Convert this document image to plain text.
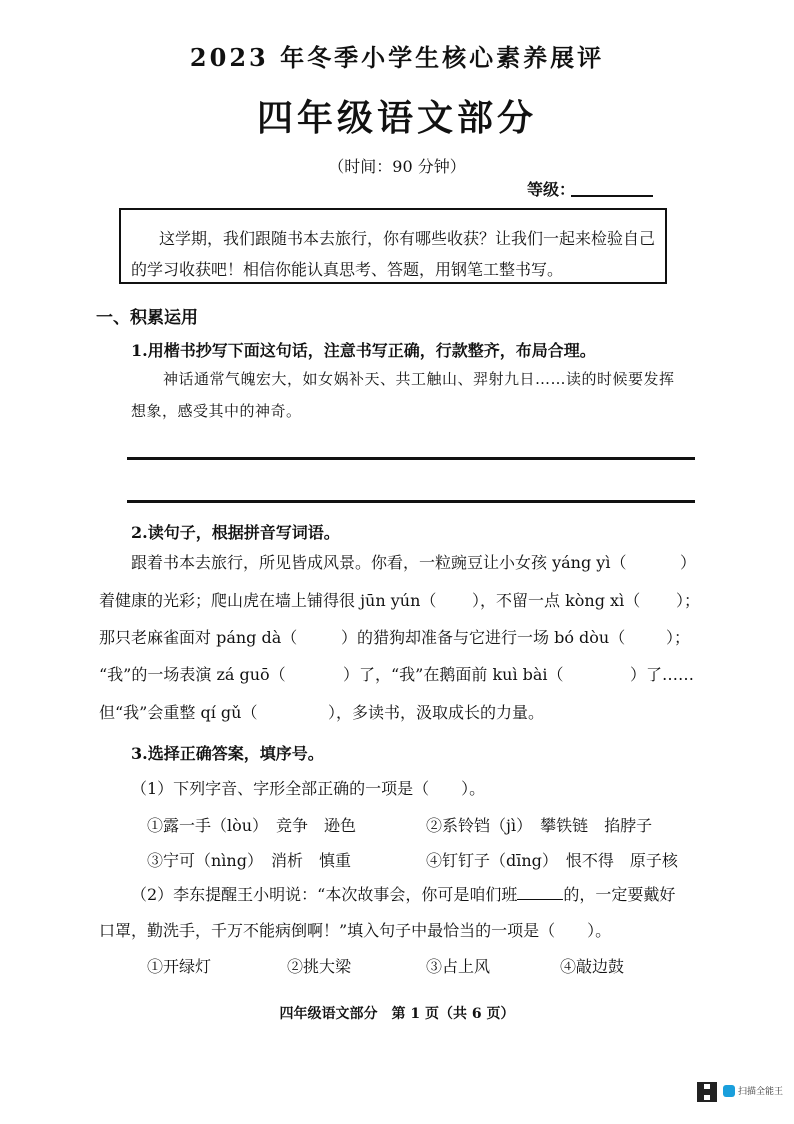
2023 年冬季小学生核心素养展评
四年级语文部分
（时间：90 分钟）
等级：
这学期，我们跟随书本去旅行，你有哪些收获？让我们一起来检验自己
的学习收获吧！相信你能认真思考、答题，用钢笔工整书写。
一、积累运用
1.用楷书抄写下面这句话，注意书写正确，行款整齐，布局合理。
神话通常气魄宏大，如女娲补天、共工触山、羿射九日……读的时候要发挥
想象，感受其中的神奇。
2.读句子，根据拼音写词语。
跟着书本去旅行，所见皆成风景。你看，一粒豌豆让小女孩 yáng yì（	）
着健康的光彩；爬山虎在墙上铺得很 jūn yún（ ），不留一点 kòng xì（ ）；
那只老麻雀面对 páng dà（	）的猎狗却准备与它进行一场 bó dòu（	）；
“我”的一场表演 zá guō（	）了，“我”在鹅面前 kuì bài（	）了……
但“我”会重整 qí gǔ（	），多读书，汲取成长的力量。
3.选择正确答案，填序号。
（1）下列字音、字形全部正确的一项是（　　）。
①露一手（lòu）　竞争　逊色	②系铃铛（jì）　攀铁链　掐脖子
③宁可（nìng）　消析　慎重	④钉钉子（dīng）　恨不得　原子核
（2）李东提醒王小明说：“本次故事会，你可是咱们班	的，一定要戴好
口罩，勤洗手，千万不能病倒啊！”填入句子中最恰当的一项是（　　）。
①开绿灯	②挑大梁	③占上风	④敲边鼓
四年级语文部分　第 1 页（共 6 页）
扫描全能王
